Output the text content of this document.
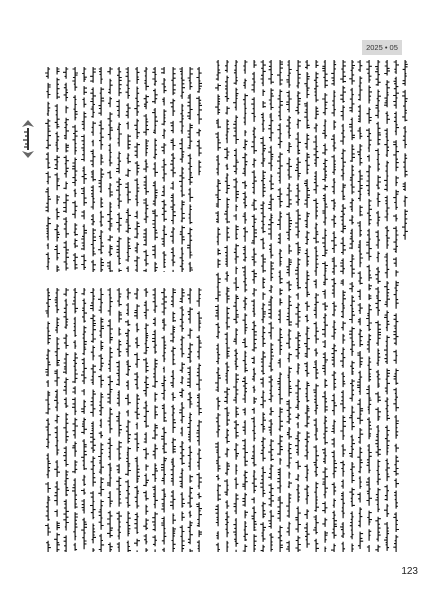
2025 • 05
123
